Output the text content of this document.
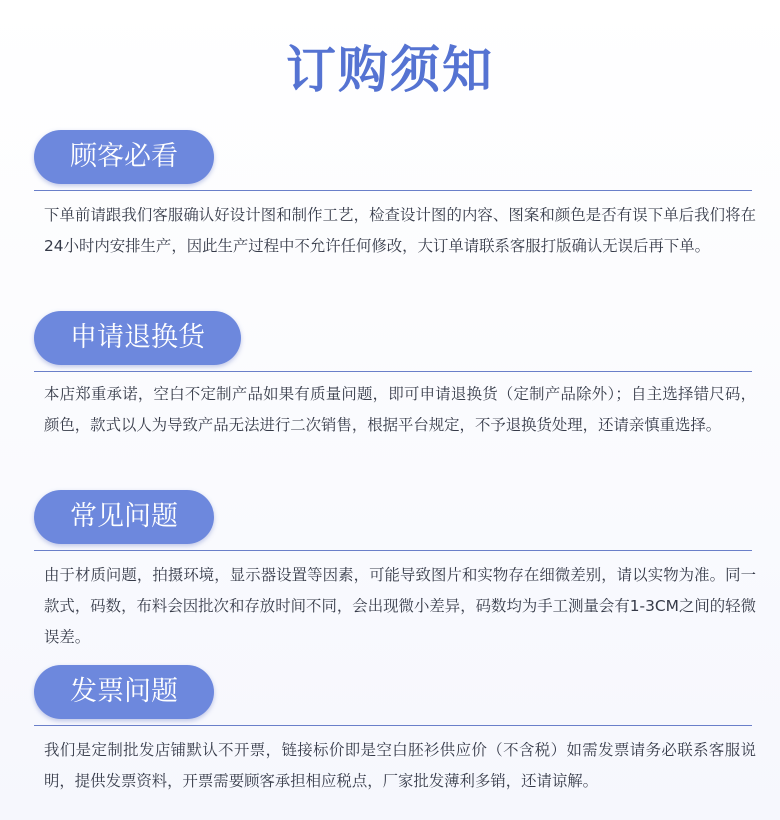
订购须知
顾客必看
下单前请跟我们客服确认好设计图和制作工艺，检查设计图的内容、图案和颜色是否有误下单后我们将在24小时内安排生产，因此生产过程中不允许任何修改，大订单请联系客服打版确认无误后再下单。
申请退换货
本店郑重承诺，空白不定制产品如果有质量问题，即可申请退换货（定制产品除外）；自主选择错尺码，颜色，款式以人为导致产品无法进行二次销售，根据平台规定，不予退换货处理，还请亲慎重选择。
常见问题
由于材质问题，拍摄环境，显示器设置等因素，可能导致图片和实物存在细微差别，请以实物为准。同一款式，码数，布料会因批次和存放时间不同，会出现微小差异，码数均为手工测量会有1-3CM之间的轻微误差。
发票问题
我们是定制批发店铺默认不开票，链接标价即是空白胚衫供应价（不含税）如需发票请务必联系客服说明，提供发票资料，开票需要顾客承担相应税点，厂家批发薄利多销，还请谅解。
